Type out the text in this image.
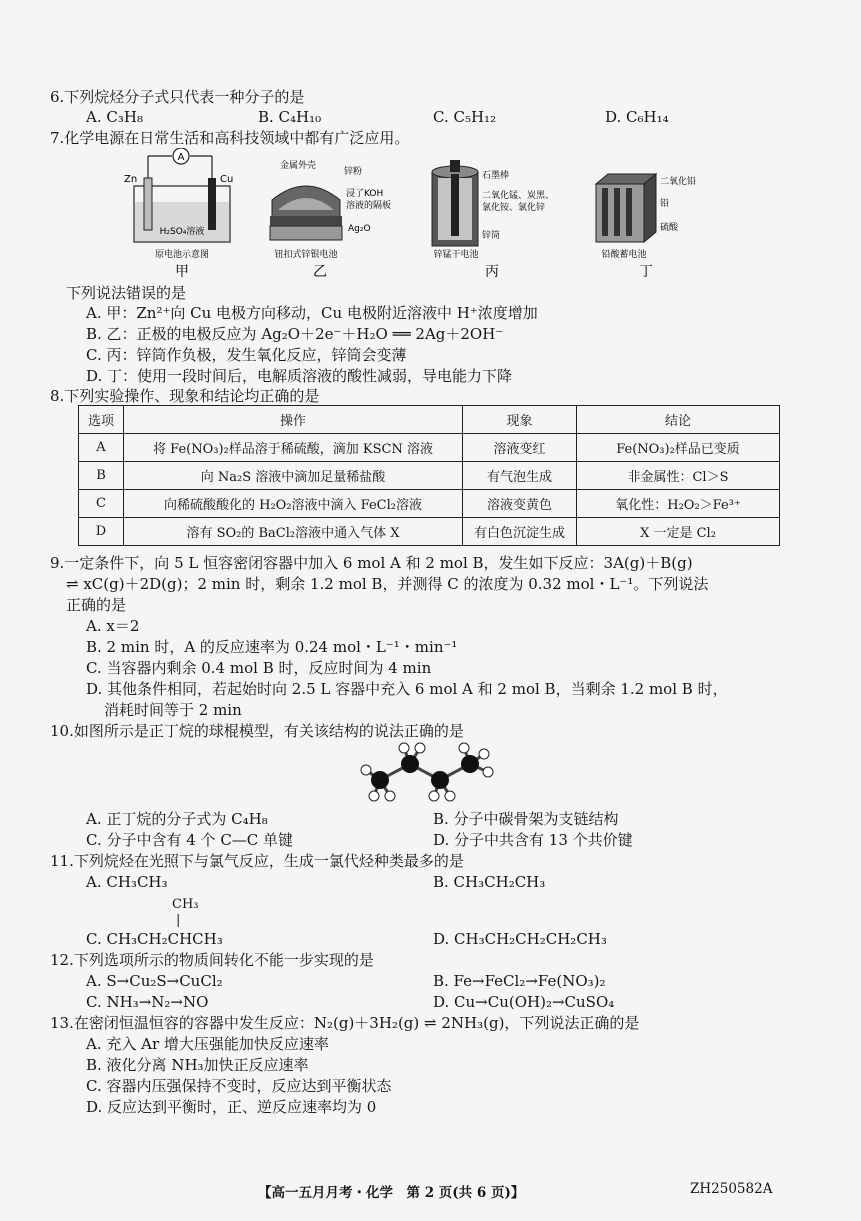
6.下列烷烃分子式只代表一种分子的是
A. C₃H₈	B. C₄H₁₀	C. C₅H₁₂	D. C₆H₁₄
7.化学电源在日常生活和高科技领域中都有广泛应用。
A
Zn	Cu
H₂SO₄溶液
原电池示意图
甲
金属外壳
锌粉
浸了KOH
溶液的隔板
Ag₂O
钮扣式锌银电池
乙
石墨棒
二氧化锰、炭黑、
氯化铵、氯化锌
锌筒
锌锰干电池
丙
二氧化铅
铅
硫酸
铅酸蓄电池
丁
下列说法错误的是
A. 甲：Zn²⁺向 Cu 电极方向移动，Cu 电极附近溶液中 H⁺浓度增加
B. 乙：正极的电极反应为 Ag₂O＋2e⁻＋H₂O ══ 2Ag＋2OH⁻
C. 丙：锌筒作负极，发生氧化反应，锌筒会变薄
D. 丁：使用一段时间后，电解质溶液的酸性减弱，导电能力下降
8.下列实验操作、现象和结论均正确的是
选项	操作	现象	结论
A	将 Fe(NO₃)₂样品溶于稀硫酸，滴加 KSCN 溶液	溶液变红	Fe(NO₃)₂样品已变质
B	向 Na₂S 溶液中滴加足量稀盐酸	有气泡生成	非金属性：Cl＞S
C	向稀硫酸酸化的 H₂O₂溶液中滴入 FeCl₂溶液	溶液变黄色	氧化性：H₂O₂＞Fe³⁺
D	溶有 SO₂的 BaCl₂溶液中通入气体 X	有白色沉淀生成	X 一定是 Cl₂
9.一定条件下，向 5 L 恒容密闭容器中加入 6 mol A 和 2 mol B，发生如下反应：3A(g)＋B(g)
⇌ xC(g)＋2D(g)；2 min 时，剩余 1.2 mol B，并测得 C 的浓度为 0.32 mol・L⁻¹。下列说法
正确的是
A. x＝2
B. 2 min 时，A 的反应速率为 0.24 mol・L⁻¹・min⁻¹
C. 当容器内剩余 0.4 mol B 时，反应时间为 4 min
D. 其他条件相同，若起始时向 2.5 L 容器中充入 6 mol A 和 2 mol B，当剩余 1.2 mol B 时，
消耗时间等于 2 min
10.如图所示是正丁烷的球棍模型，有关该结构的说法正确的是
A. 正丁烷的分子式为 C₄H₈	B. 分子中碳骨架为支链结构
C. 分子中含有 4 个 C—C 单键	D. 分子中共含有 13 个共价键
11.下列烷烃在光照下与氯气反应，生成一氯代烃种类最多的是
A. CH₃CH₃	B. CH₃CH₂CH₃
CH₃
|
C. CH₃CH₂CHCH₃	D. CH₃CH₂CH₂CH₂CH₃
12.下列选项所示的物质间转化不能一步实现的是
A. S→Cu₂S→CuCl₂	B. Fe→FeCl₂→Fe(NO₃)₂
C. NH₃→N₂→NO	D. Cu→Cu(OH)₂→CuSO₄
13.在密闭恒温恒容的容器中发生反应：N₂(g)＋3H₂(g) ⇌ 2NH₃(g)，下列说法正确的是
A. 充入 Ar 增大压强能加快反应速率
B. 液化分离 NH₃加快正反应速率
C. 容器内压强保持不变时，反应达到平衡状态
D. 反应达到平衡时，正、逆反应速率均为 0
【高一五月月考・化学　第 2 页(共 6 页)】	ZH250582A
